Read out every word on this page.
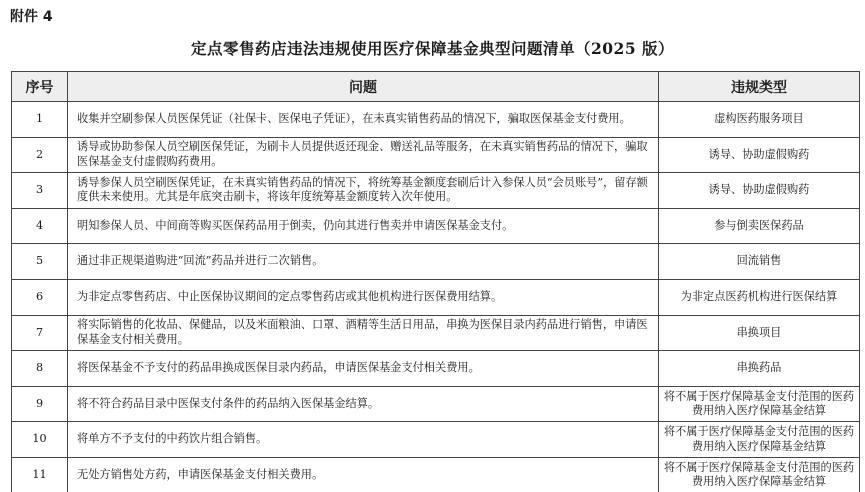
附件 4
定点零售药店违法违规使用医疗保障基金典型问题清单（2025 版）
序号	问题	违规类型
1	收集并空刷参保人员医保凭证（社保卡、医保电子凭证），在未真实销售药品的情况下，骗取医保基金支付费用。	虚构医药服务项目
2	诱导或协助参保人员空刷医保凭证，为刷卡人员提供返还现金、赠送礼品等服务，在未真实销售药品的情况下，骗取医保基金支付虚假购药费用。	诱导、协助虚假购药
3	诱导参保人员空刷医保凭证，在未真实销售药品的情况下，将统筹基金额度套刷后计入参保人员“会员账号”，留存额度供未来使用。尤其是年底突击刷卡，将该年度统筹基金额度转入次年使用。	诱导、协助虚假购药
4	明知参保人员、中间商等购买医保药品用于倒卖，仍向其进行售卖并申请医保基金支付。	参与倒卖医保药品
5	通过非正规渠道购进“回流”药品并进行二次销售。	回流销售
6	为非定点零售药店、中止医保协议期间的定点零售药店或其他机构进行医保费用结算。	为非定点医药机构进行医保结算
7	将实际销售的化妆品、保健品，以及米面粮油、口罩、酒精等生活日用品，串换为医保目录内药品进行销售，申请医保基金支付相关费用。	串换项目
8	将医保基金不予支付的药品串换成医保目录内药品，申请医保基金支付相关费用。	串换药品
9	将不符合药品目录中医保支付条件的药品纳入医保基金结算。	将不属于医疗保障基金支付范围的医药费用纳入医疗保障基金结算
10	将单方不予支付的中药饮片组合销售。	将不属于医疗保障基金支付范围的医药费用纳入医疗保障基金结算
11	无处方销售处方药，申请医保基金支付相关费用。	将不属于医疗保障基金支付范围的医药费用纳入医疗保障基金结算
